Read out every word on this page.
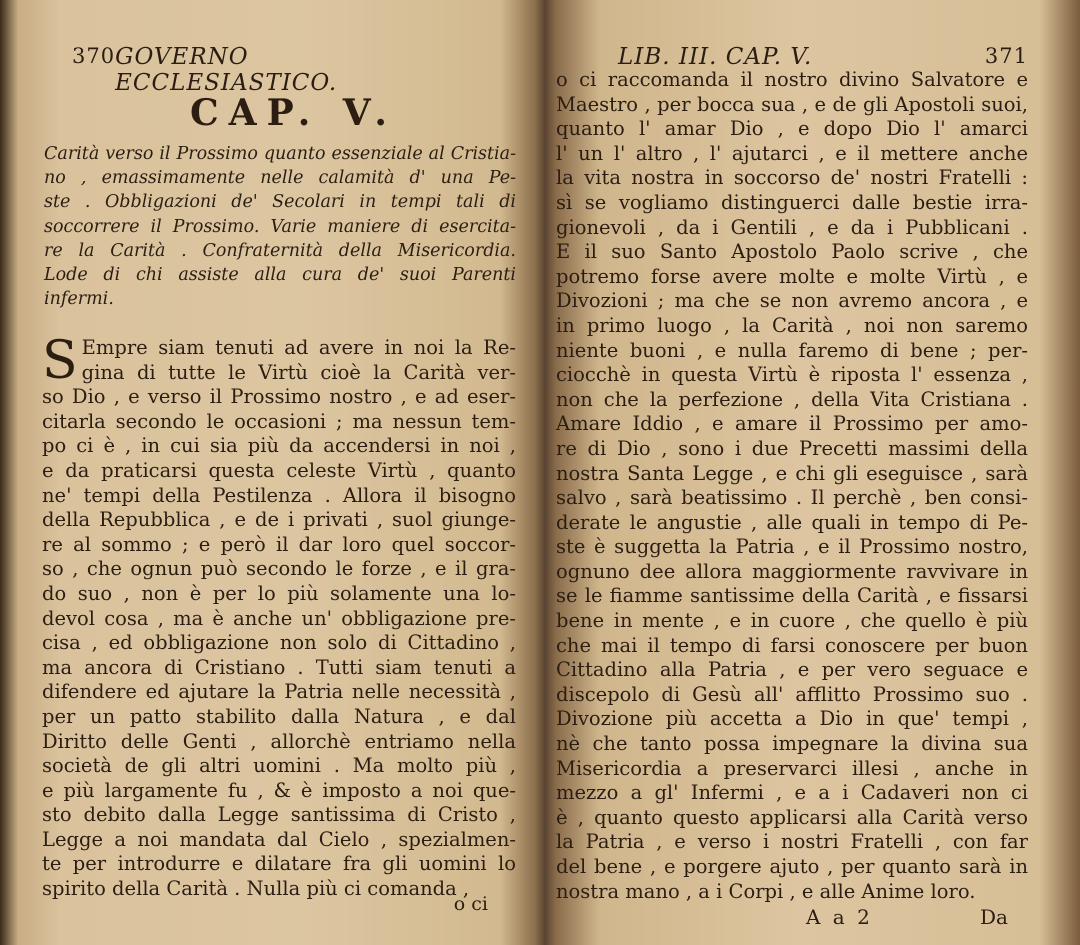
370 GOVERNO ECCLESIASTICO.
CAP. V.
Carità verso il Prossimo quanto essenziale al Cristia-
no , emassimamente nelle calamità d' una Pe-
ste . Obbligazioni de' Secolari in tempi tali di
soccorrere il Prossimo. Varie maniere di esercita-
re la Carità . Confraternità della Misericordia.
Lode di chi assiste alla cura de' suoi Parenti
infermi.
S Empre siam tenuti ad avere in noi la Re-
gina di tutte le Virtù cioè la Carità ver-
so Dio , e verso il Prossimo nostro , e ad eser-
citarla secondo le occasioni ; ma nessun tem-
po ci è , in cui sia più da accendersi in noi ,
e da praticarsi questa celeste Virtù , quanto
ne' tempi della Pestilenza . Allora il bisogno
della Repubblica , e de i privati , suol giunge-
re al sommo ; e però il dar loro quel soccor-
so , che ognun può secondo le forze , e il gra-
do suo , non è per lo più solamente una lo-
devol cosa , ma è anche un' obbligazione pre-
cisa , ed obbligazione non solo di Cittadino ,
ma ancora di Cristiano . Tutti siam tenuti a
difendere ed ajutare la Patria nelle necessità ,
per un patto stabilito dalla Natura , e dal
Diritto delle Genti , allorchè entriamo nella
società de gli altri uomini . Ma molto più ,
e più largamente fu , & è imposto a noi que-
sto debito dalla Legge santissima di Cristo ,
Legge a noi mandata dal Cielo , spezialmen-
te per introdurre e dilatare fra gli uomini lo
spirito della Carità . Nulla più ci comanda ,
o ci
LIB. III. CAP. V.	371
o ci raccomanda il nostro divino Salvatore e
Maestro , per bocca sua , e de gli Apostoli suoi,
quanto l' amar Dio , e dopo Dio l' amarci
l' un l' altro , l' ajutarci , e il mettere anche
la vita nostra in soccorso de' nostri Fratelli :
sì se vogliamo distinguerci dalle bestie irra-
gionevoli , da i Gentili , e da i Pubblicani .
E il suo Santo Apostolo Paolo scrive , che
potremo forse avere molte e molte Virtù , e
Divozioni ; ma che se non avremo ancora , e
in primo luogo , la Carità , noi non saremo
niente buoni , e nulla faremo di bene ; per-
ciocchè in questa Virtù è riposta l' essenza ,
non che la perfezione , della Vita Cristiana .
Amare Iddio , e amare il Prossimo per amo-
re di Dio , sono i due Precetti massimi della
nostra Santa Legge , e chi gli eseguisce , sarà
salvo , sarà beatissimo . Il perchè , ben consi-
derate le angustie , alle quali in tempo di Pe-
ste è suggetta la Patria , e il Prossimo nostro,
ognuno dee allora maggiormente ravvivare in
se le fiamme santissime della Carità , e fissarsi
bene in mente , e in cuore , che quello è più
che mai il tempo di farsi conoscere per buon
Cittadino alla Patria , e per vero seguace e
discepolo di Gesù all' afflitto Prossimo suo .
Divozione più accetta a Dio in que' tempi ,
nè che tanto possa impegnare la divina sua
Misericordia a preservarci illesi , anche in
mezzo a gl' Infermi , e a i Cadaveri non ci
è , quanto questo applicarsi alla Carità verso
la Patria , e verso i nostri Fratelli , con far
del bene , e porgere ajuto , per quanto sarà in
nostra mano , a i Corpi , e alle Anime loro.
A a 2	Da
